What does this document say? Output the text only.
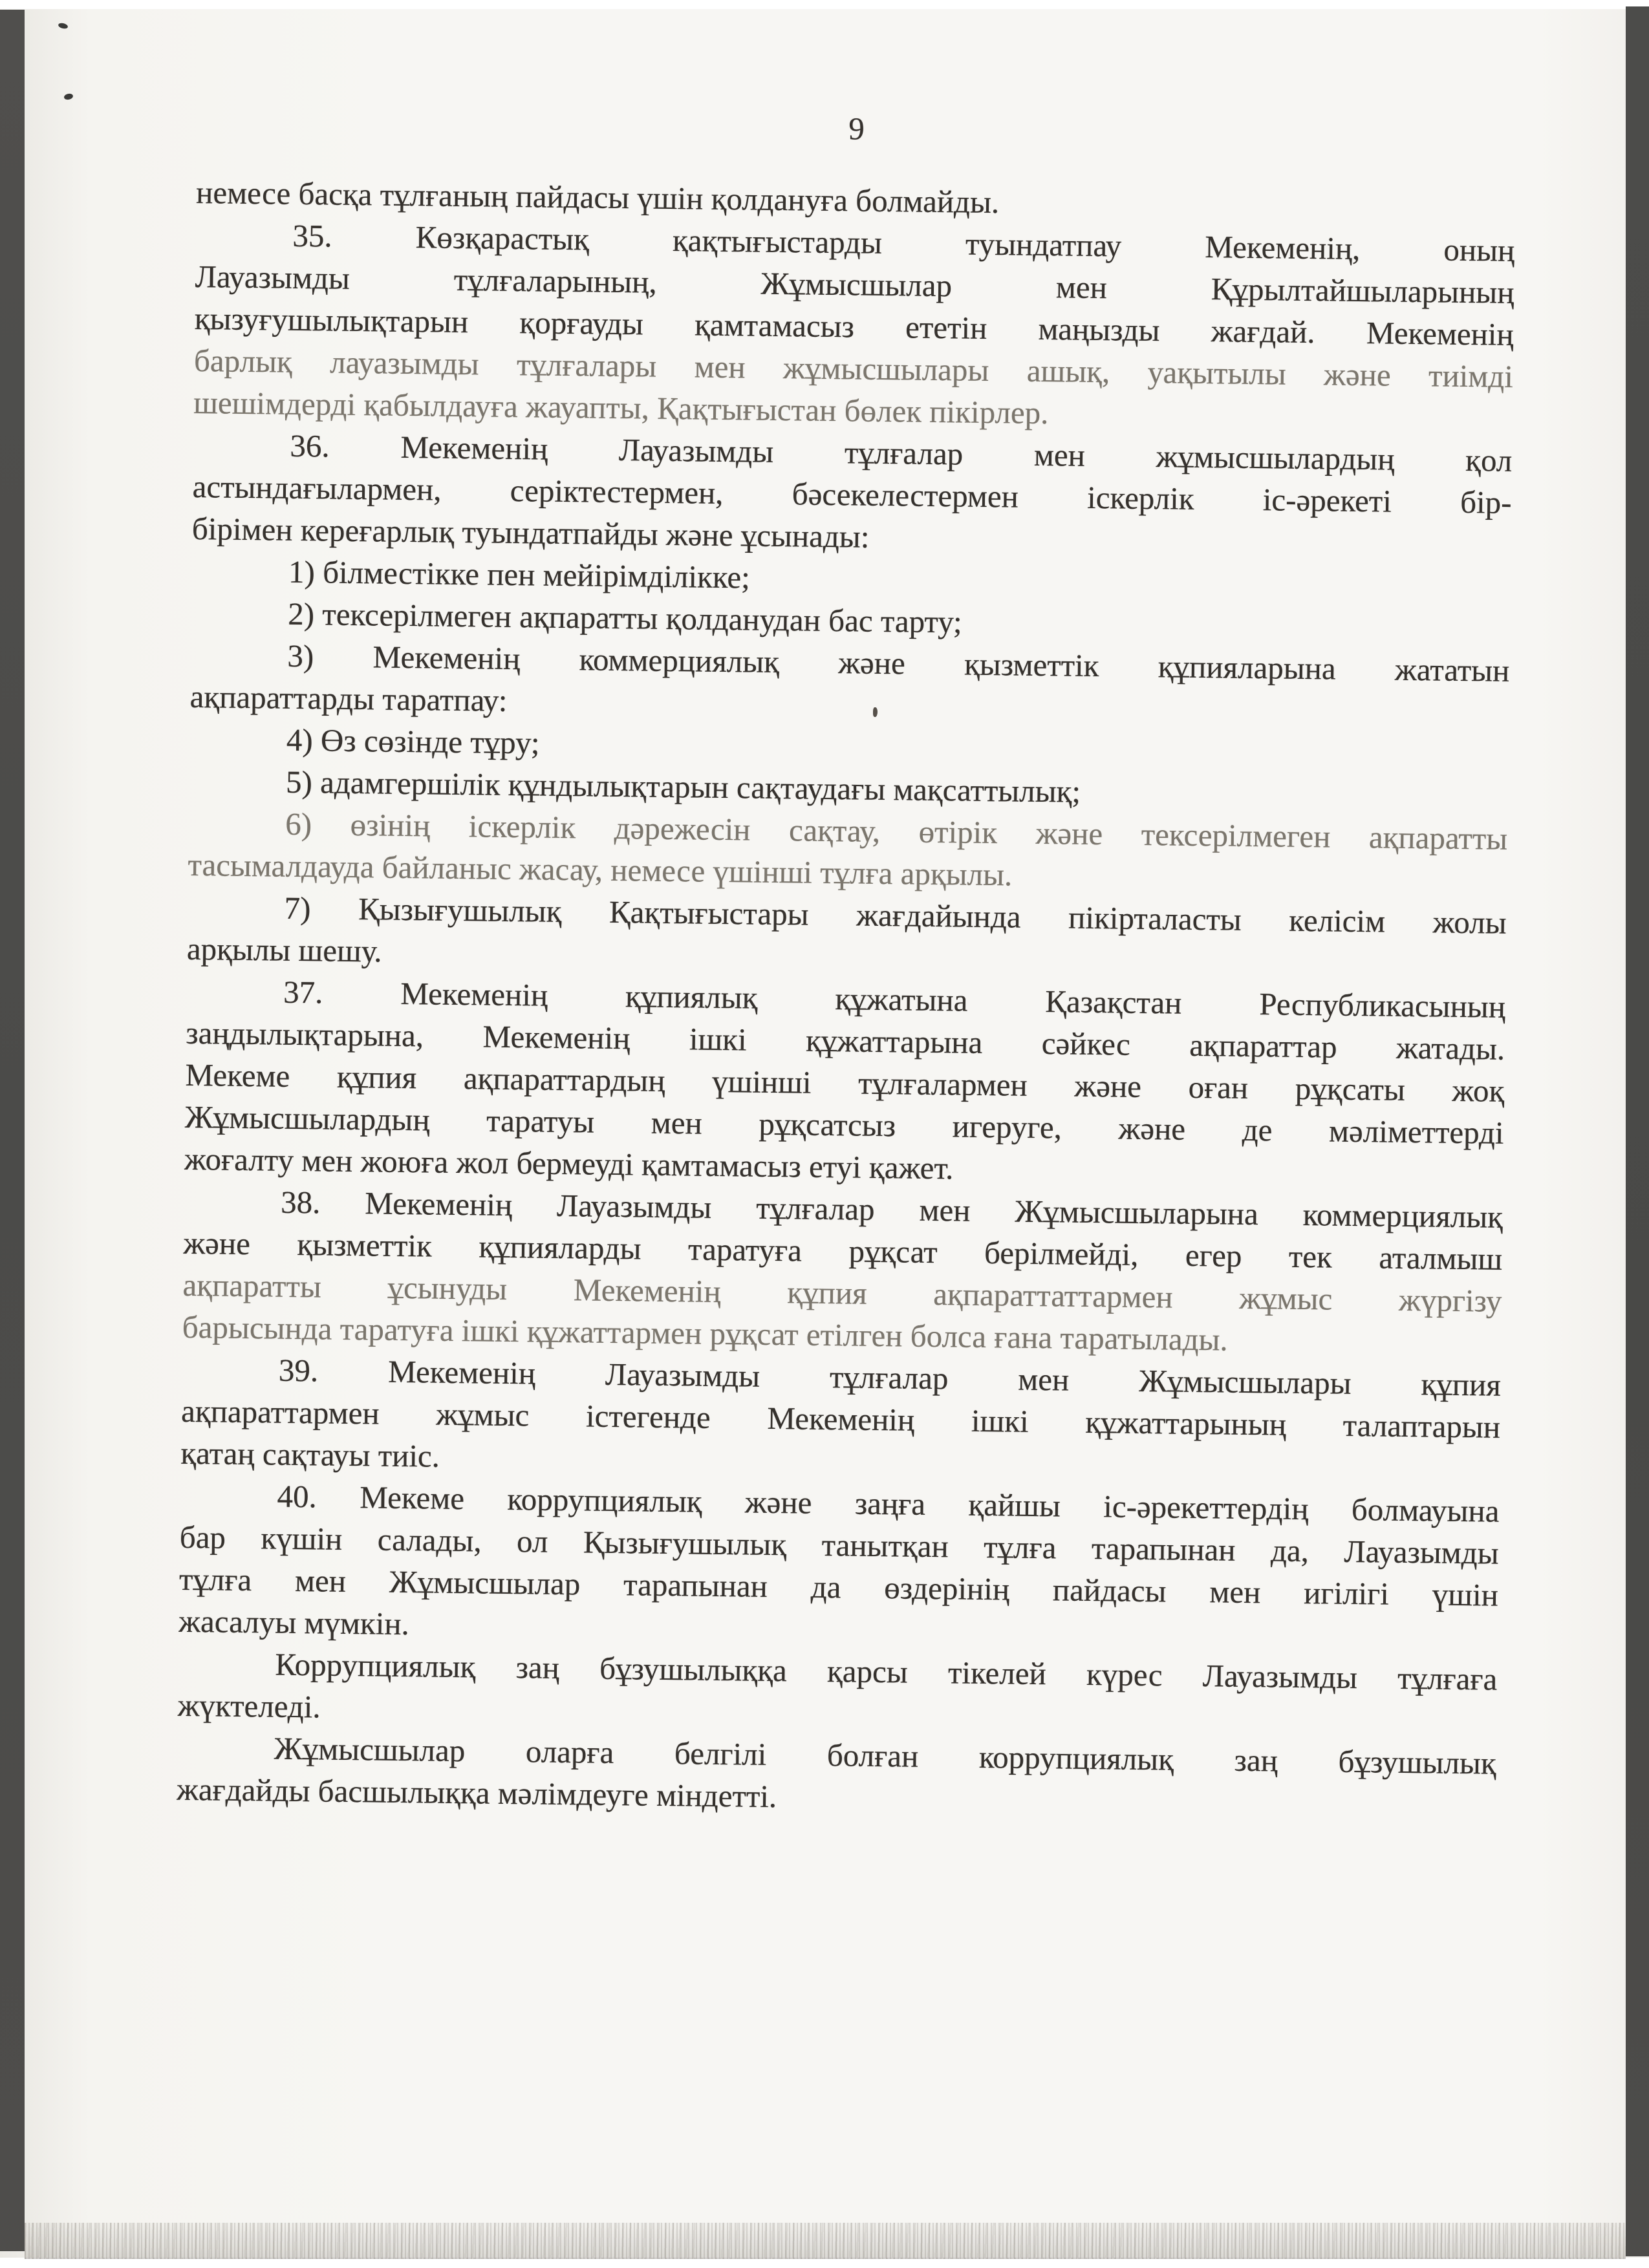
9
немесе басқа тұлғаның пайдасы үшін қолдануға болмайды.
35. Көзқарастық қақтығыстарды туындатпау Мекеменің, оның
Лауазымды тұлғаларының, Жұмысшылар мен Құрылтайшыларының
қызуғушылықтарын қорғауды қамтамасыз ететін маңызды жағдай. Мекеменің
барлық лауазымды тұлғалары мен жұмысшылары ашық, уақытылы және тиімді
шешімдерді қабылдауға жауапты, Қақтығыстан бөлек пікірлер.
36. Мекеменің Лауазымды тұлғалар мен жұмысшылардың қол
астындағылармен, серіктестермен, бәсекелестермен іскерлік іс-әрекеті бір-
бірімен кереғарлық туындатпайды және ұсынады:
1) білместікке пен мейірімділікке;
2) тексерілмеген ақпаратты қолданудан бас тарту;
3) Мекеменің коммерциялық және қызметтік құпияларына жататын
ақпараттарды таратпау:
4) Өз сөзінде тұру;
5) адамгершілік құндылықтарын сақтаудағы мақсаттылық;
6) өзінің іскерлік дәрежесін сақтау, өтірік және тексерілмеген ақпаратты
тасымалдауда байланыс жасау, немесе үшінші тұлға арқылы.
7) Қызығушылық Қақтығыстары жағдайында пікірталасты келісім жолы
арқылы шешу.
37. Мекеменің құпиялық құжатына Қазақстан Республикасының
заңдылықтарына, Мекеменің ішкі құжаттарына сәйкес ақпараттар жатады.
Мекеме құпия ақпараттардың үшінші тұлғалармен және оған рұқсаты жоқ
Жұмысшылардың таратуы мен рұқсатсыз игеруге, және де мәліметтерді
жоғалту мен жоюға жол бермеуді қамтамасыз етуі қажет.
38. Мекеменің Лауазымды тұлғалар мен Жұмысшыларына коммерциялық
және қызметтік құпияларды таратуға рұқсат берілмейді, егер тек аталмыш
ақпаратты ұсынуды Мекеменің құпия ақпараттаттармен жұмыс жүргізу
барысында таратуға ішкі құжаттармен рұқсат етілген болса ғана таратылады.
39. Мекеменің Лауазымды тұлғалар мен Жұмысшылары құпия
ақпараттармен жұмыс істегенде Мекеменің ішкі құжаттарының талаптарын
қатаң сақтауы тиіс.
40. Мекеме коррупциялық және заңға қайшы іс-әрекеттердің болмауына
бар күшін салады, ол Қызығушылық танытқан тұлға тарапынан да, Лауазымды
тұлға мен Жұмысшылар тарапынан да өздерінің пайдасы мен игілігі үшін
жасалуы мүмкін.
Коррупциялық заң бұзушылыққа қарсы тікелей күрес Лауазымды тұлғаға
жүктеледі.
Жұмысшылар оларға белгілі болған коррупциялық заң бұзушылық
жағдайды басшылыққа мәлімдеуге міндетті.
